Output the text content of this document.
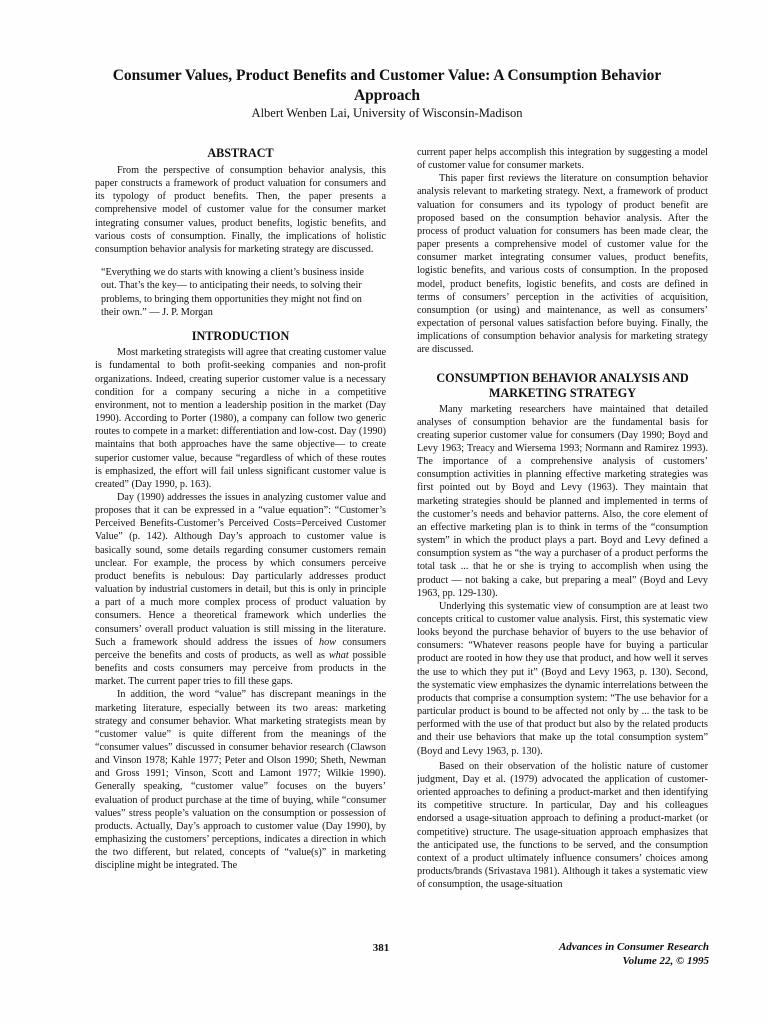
Consumer Values, Product Benefits and Customer Value: A Consumption Behavior Approach
Albert Wenben Lai, University of Wisconsin-Madison
ABSTRACT

From the perspective of consumption behavior analysis, this paper constructs a framework of product valuation for consumers and its typology of product benefits. Then, the paper presents a comprehensive model of customer value for the consumer market integrating consumer values, product benefits, logistic benefits, and various costs of consumption. Finally, the implications of holistic consumption behavior analysis for marketing strategy are discussed.

“Everything we do starts with knowing a client’s business inside out. That’s the key— to anticipating their needs, to solving their problems, to bringing them opportunities they might not find on their own.” — J. P. Morgan

INTRODUCTION

Most marketing strategists will agree that creating customer value is fundamental to both profit-seeking companies and non-profit organizations. Indeed, creating superior customer value is a necessary condition for a company securing a niche in a competitive environment, not to mention a leadership position in the market (Day 1990). According to Porter (1980), a company can follow two generic routes to compete in a market: differentiation and low-cost. Day (1990) maintains that both approaches have the same objective— to create superior customer value, because “regardless of which of these routes is emphasized, the effort will fail unless significant customer value is created” (Day 1990, p. 163).

Day (1990) addresses the issues in analyzing customer value and proposes that it can be expressed in a “value equation”: “Customer’s Perceived Benefits-Customer’s Perceived Costs=Perceived Customer Value” (p. 142). Although Day’s approach to customer value is basically sound, some details regarding consumer customers remain unclear. For example, the process by which consumers perceive product benefits is nebulous: Day particularly addresses product valuation by industrial customers in detail, but this is only in principle a part of a much more complex process of product valuation by consumers. Hence a theoretical framework which underlies the consumers’ overall product valuation is still missing in the literature. Such a framework should address the issues of how consumers perceive the benefits and costs of products, as well as what possible benefits and costs consumers may perceive from products in the market. The current paper tries to fill these gaps.

In addition, the word “value” has discrepant meanings in the marketing literature, especially between its two areas: marketing strategy and consumer behavior. What marketing strategists mean by “customer value” is quite different from the meanings of the “consumer values” discussed in consumer behavior research (Clawson and Vinson 1978; Kahle 1977; Peter and Olson 1990; Sheth, Newman and Gross 1991; Vinson, Scott and Lamont 1977; Wilkie 1990). Generally speaking, “customer value” focuses on the buyers’ evaluation of product purchase at the time of buying, while “consumer values” stress people’s valuation on the consumption or possession of products. Actually, Day’s approach to customer value (Day 1990), by emphasizing the customers’ perceptions, indicates a direction in which the two different, but related, concepts of “value(s)” in marketing discipline might be integrated. The

current paper helps accomplish this integration by suggesting a model of customer value for consumer markets.

This paper first reviews the literature on consumption behavior analysis relevant to marketing strategy. Next, a framework of product valuation for consumers and its typology of product benefit are proposed based on the consumption behavior analysis. After the process of product valuation for consumers has been made clear, the paper presents a comprehensive model of customer value for the consumer market integrating consumer values, product benefits, logistic benefits, and various costs of consumption. In the proposed model, product benefits, logistic benefits, and costs are defined in terms of consumers’ perception in the activities of acquisition, consumption (or using) and maintenance, as well as consumers’ expectation of personal values satisfaction before buying. Finally, the implications of consumption behavior analysis for marketing strategy are discussed.

CONSUMPTION BEHAVIOR ANALYSIS AND MARKETING STRATEGY

Many marketing researchers have maintained that detailed analyses of consumption behavior are the fundamental basis for creating superior customer value for consumers (Day 1990; Boyd and Levy 1963; Treacy and Wiersema 1993; Normann and Ramirez 1993). The importance of a comprehensive analysis of customers’ consumption activities in planning effective marketing strategies was first pointed out by Boyd and Levy (1963). They maintain that marketing strategies should be planned and implemented in terms of the customer’s needs and behavior patterns. Also, the core element of an effective marketing plan is to think in terms of the “consumption system” in which the product plays a part. Boyd and Levy defined a consumption system as “the way a purchaser of a product performs the total task ... that he or she is trying to accomplish when using the product — not baking a cake, but preparing a meal” (Boyd and Levy 1963, pp. 129-130).

Underlying this systematic view of consumption are at least two concepts critical to customer value analysis. First, this systematic view looks beyond the purchase behavior of buyers to the use behavior of consumers: “Whatever reasons people have for buying a particular product are rooted in how they use that product, and how well it serves the use to which they put it” (Boyd and Levy 1963, p. 130). Second, the systematic view emphasizes the dynamic interrelations between the products that comprise a consumption system: “The use behavior for a particular product is bound to be affected not only by ... the task to be performed with the use of that product but also by the related products and their use behaviors that make up the total consumption system” (Boyd and Levy 1963, p. 130).

Based on their observation of the holistic nature of customer judgment, Day et al. (1979) advocated the application of customer-oriented approaches to defining a product-market and then identifying its competitive structure. In particular, Day and his colleagues endorsed a usage-situation approach to defining a product-market (or competitive) structure. The usage-situation approach emphasizes that the anticipated use, the functions to be served, and the consumption context of a product ultimately influence consumers’ choices among products/brands (Srivastava 1981). Although it takes a systematic view of consumption, the usage-situation

381	Advances in Consumer Research
Volume 22, © 1995
